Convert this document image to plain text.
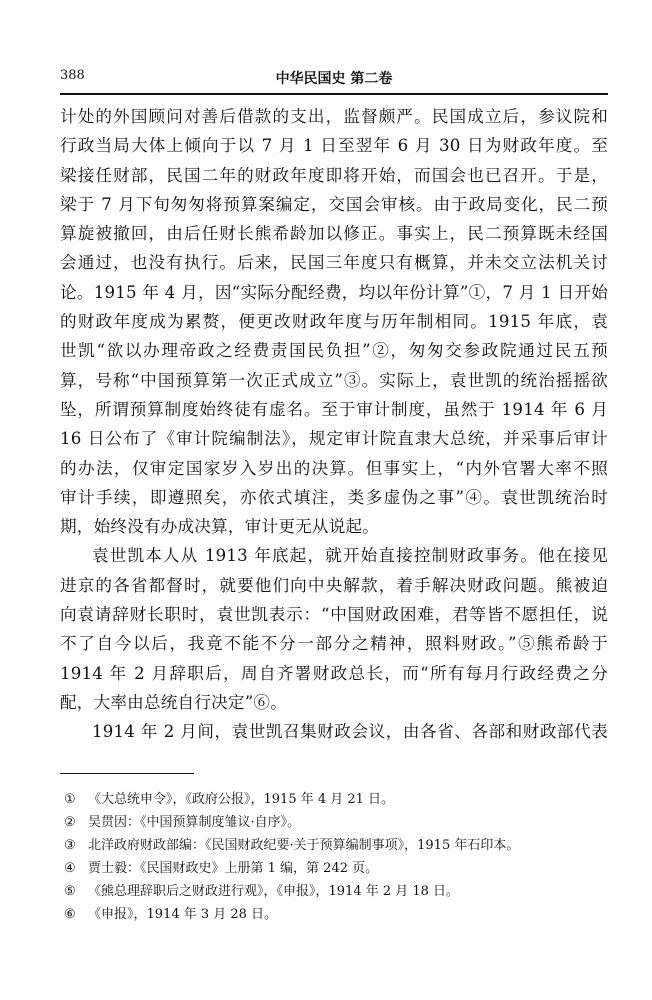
388	中华民国史 第二卷
计处的外国顾问对善后借款的支出，监督颇严。民国成立后，参议院和
行政当局大体上倾向于以 7 月 1 日至翌年 6 月 30 日为财政年度。至
梁接任财部，民国二年的财政年度即将开始，而国会也已召开。于是，
梁于 7 月下旬匆匆将预算案编定，交国会审核。由于政局变化，民二预
算旋被撤回，由后任财长熊希龄加以修正。事实上，民二预算既未经国
会通过，也没有执行。后来，民国三年度只有概算，并未交立法机关讨
论。1915 年 4 月，因“实际分配经费，均以年份计算”①，7 月 1 日开始
的财政年度成为累赘，便更改财政年度与历年制相同。1915 年底，袁
世凯“欲以办理帝政之经费责国民负担”②，匆匆交参政院通过民五预
算，号称“中国预算第一次正式成立”③。实际上，袁世凯的统治摇摇欲
坠，所谓预算制度始终徒有虚名。至于审计制度，虽然于 1914 年 6 月
16 日公布了《审计院编制法》，规定审计院直隶大总统，并采事后审计
的办法，仅审定国家岁入岁出的决算。但事实上，“内外官署大率不照
审计手续，即遵照矣，亦依式填注，类多虚伪之事”④。袁世凯统治时
期，始终没有办成决算，审计更无从说起。
袁世凯本人从 1913 年底起，就开始直接控制财政事务。他在接见
进京的各省都督时，就要他们向中央解款，着手解决财政问题。熊被迫
向袁请辞财长职时，袁世凯表示：“中国财政困难，君等皆不愿担任，说
不了自今以后，我竟不能不分一部分之精神，照料财政。”⑤熊希龄于
1914 年 2 月辞职后，周自齐署财政总长，而“所有每月行政经费之分
配，大率由总统自行决定”⑥。
1914 年 2 月间，袁世凯召集财政会议，由各省、各部和财政部代表
① 《大总统申令》，《政府公报》，1915 年 4 月 21 日。
② 吴贯因：《中国预算制度雏议·自序》。
③ 北洋政府财政部编：《民国财政纪要·关于预算编制事项》，1915 年石印本。
④ 贾士毅：《民国财政史》上册第 1 编，第 242 页。
⑤ 《熊总理辞职后之财政进行观》，《申报》，1914 年 2 月 18 日。
⑥ 《申报》，1914 年 3 月 28 日。
